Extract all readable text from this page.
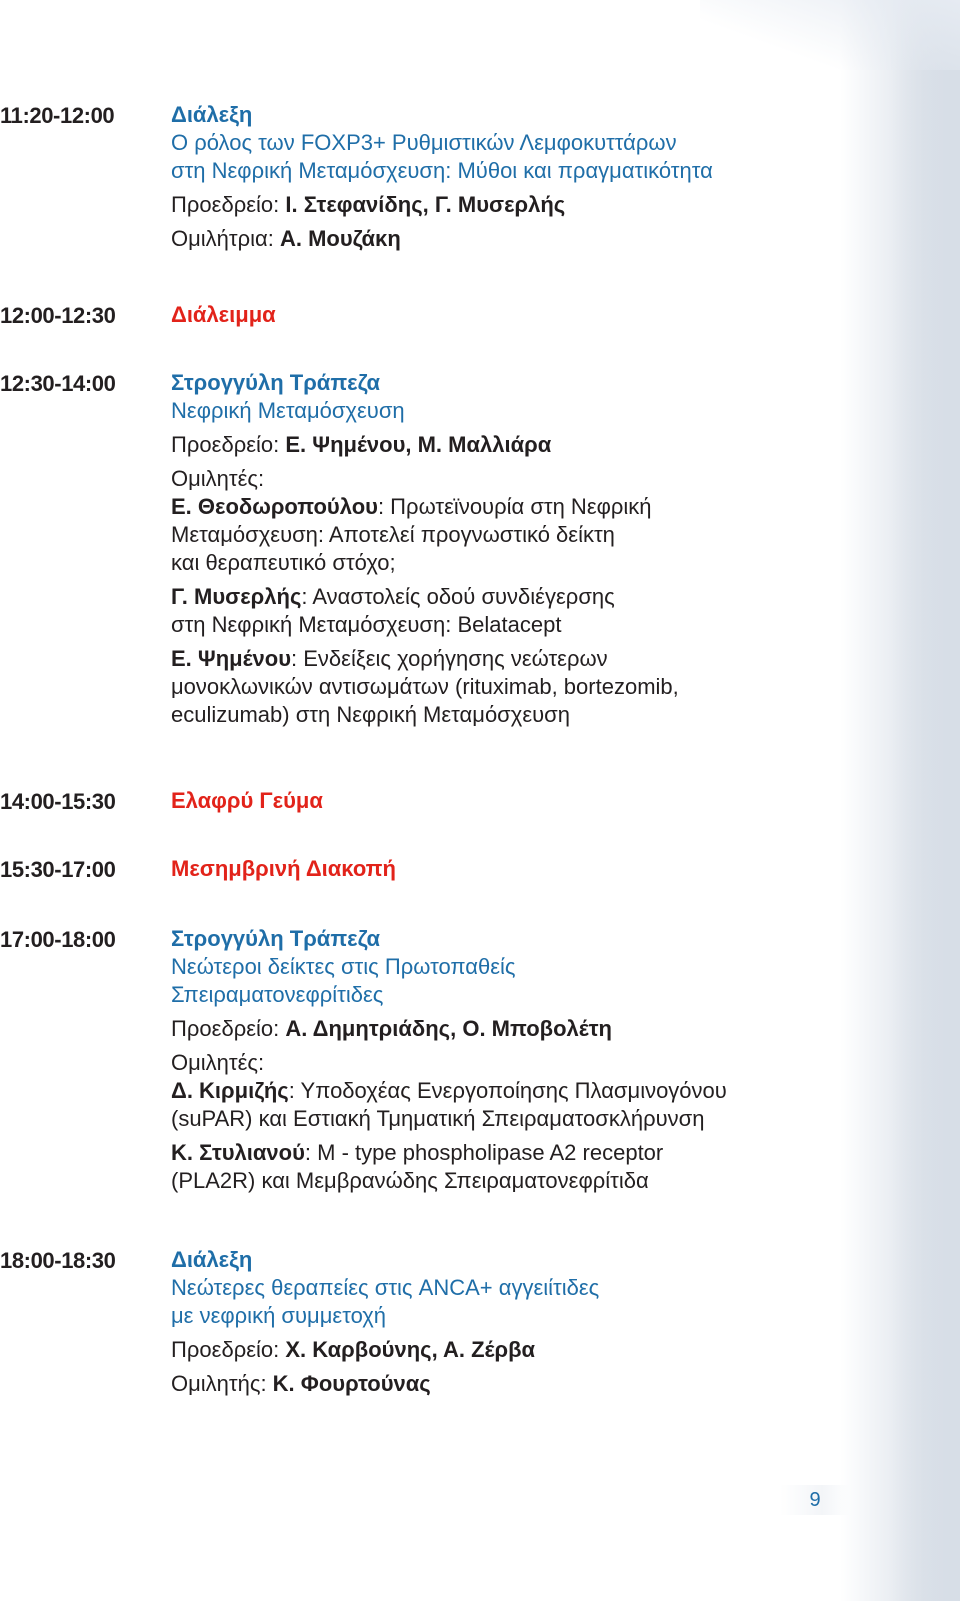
11:20-12:00	Διάλεξη
Ο ρόλος των FOXP3+ Ρυθμιστικών Λεμφοκυττάρων
στη Νεφρική Μεταμόσχευση: Μύθοι και πραγματικότητα
Προεδρείο: Ι. Στεφανίδης, Γ. Μυσερλής
Ομιλήτρια: Α. Μουζάκη
12:00-12:30	Διάλειμμα
12:30-14:00	Στρογγύλη Τράπεζα
Νεφρική Μεταμόσχευση
Προεδρείο: Ε. Ψημένου, Μ. Μαλλιάρα
Ομιλητές:
Ε. Θεοδωροπούλου: Πρωτεϊνουρία στη Νεφρική
Μεταμόσχευση: Αποτελεί προγνωστικό δείκτη
και θεραπευτικό στόχο;
Γ. Μυσερλής: Αναστολείς οδού συνδιέγερσης
στη Νεφρική Μεταμόσχευση: Belatacept
Ε. Ψημένου: Ενδείξεις χορήγησης νεώτερων
μονοκλωνικών αντισωμάτων (rituximab, bortezomib,
eculizumab) στη Νεφρική Μεταμόσχευση
14:00-15:30	Ελαφρύ Γεύμα
15:30-17:00	Μεσημβρινή Διακοπή
17:00-18:00	Στρογγύλη Τράπεζα
Νεώτεροι δείκτες στις Πρωτοπαθείς
Σπειραματονεφρίτιδες
Προεδρείο: Α. Δημητριάδης, Ο. Μποβολέτη
Ομιλητές:
Δ. Κιρμιζής: Υποδοχέας Ενεργοποίησης Πλασμινογόνου
(suPAR) και Εστιακή Τμηματική Σπειραματοσκλήρυνση
Κ. Στυλιανού: M - type phospholipase A2 receptor
(PLA2R) και Μεμβρανώδης Σπειραματονεφρίτιδα
18:00-18:30	Διάλεξη
Νεώτερες θεραπείες στις ANCA+ αγγειίτιδες
με νεφρική συμμετοχή
Προεδρείο: Χ. Καρβούνης, Α. Ζέρβα
Ομιλητής: Κ. Φουρτούνας
9
